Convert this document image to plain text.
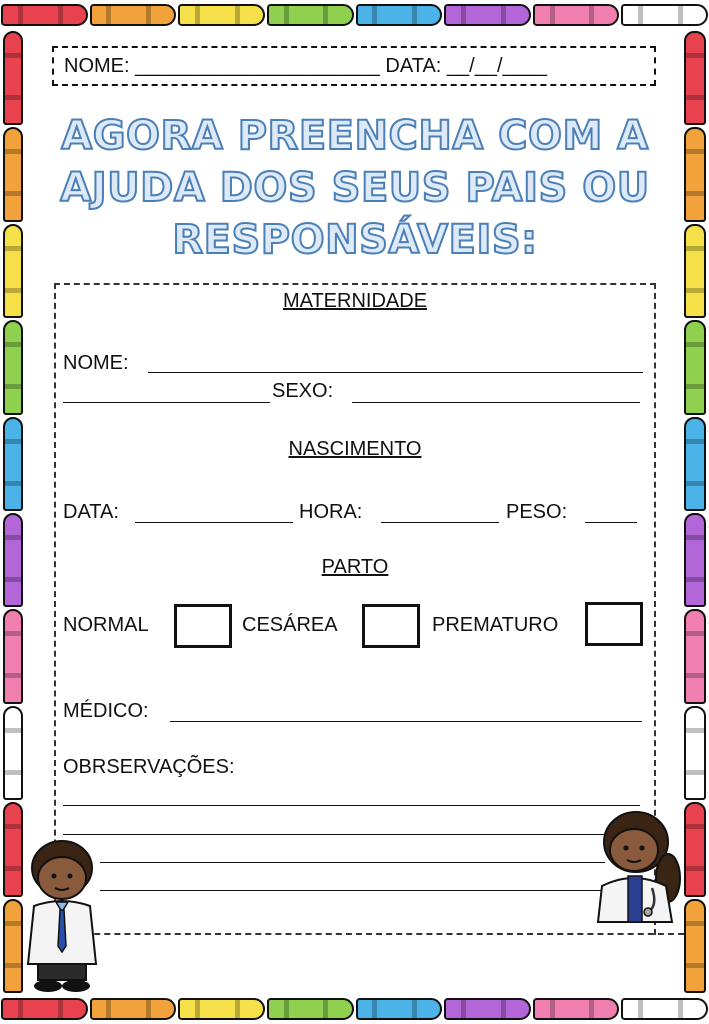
NOME:
______________________
DATA:
__/__/____
AGORA PREENCHA COM A
AJUDA DOS SEUS PAIS OU
RESPONSÁVEIS:
MATERNIDADE
NOME:
SEXO:
NASCIMENTO
DATA:	HORA:	PESO:
PARTO
NORMAL	CESÁREA	PREMATURO
MÉDICO:
OBRSERVAÇÕES:
